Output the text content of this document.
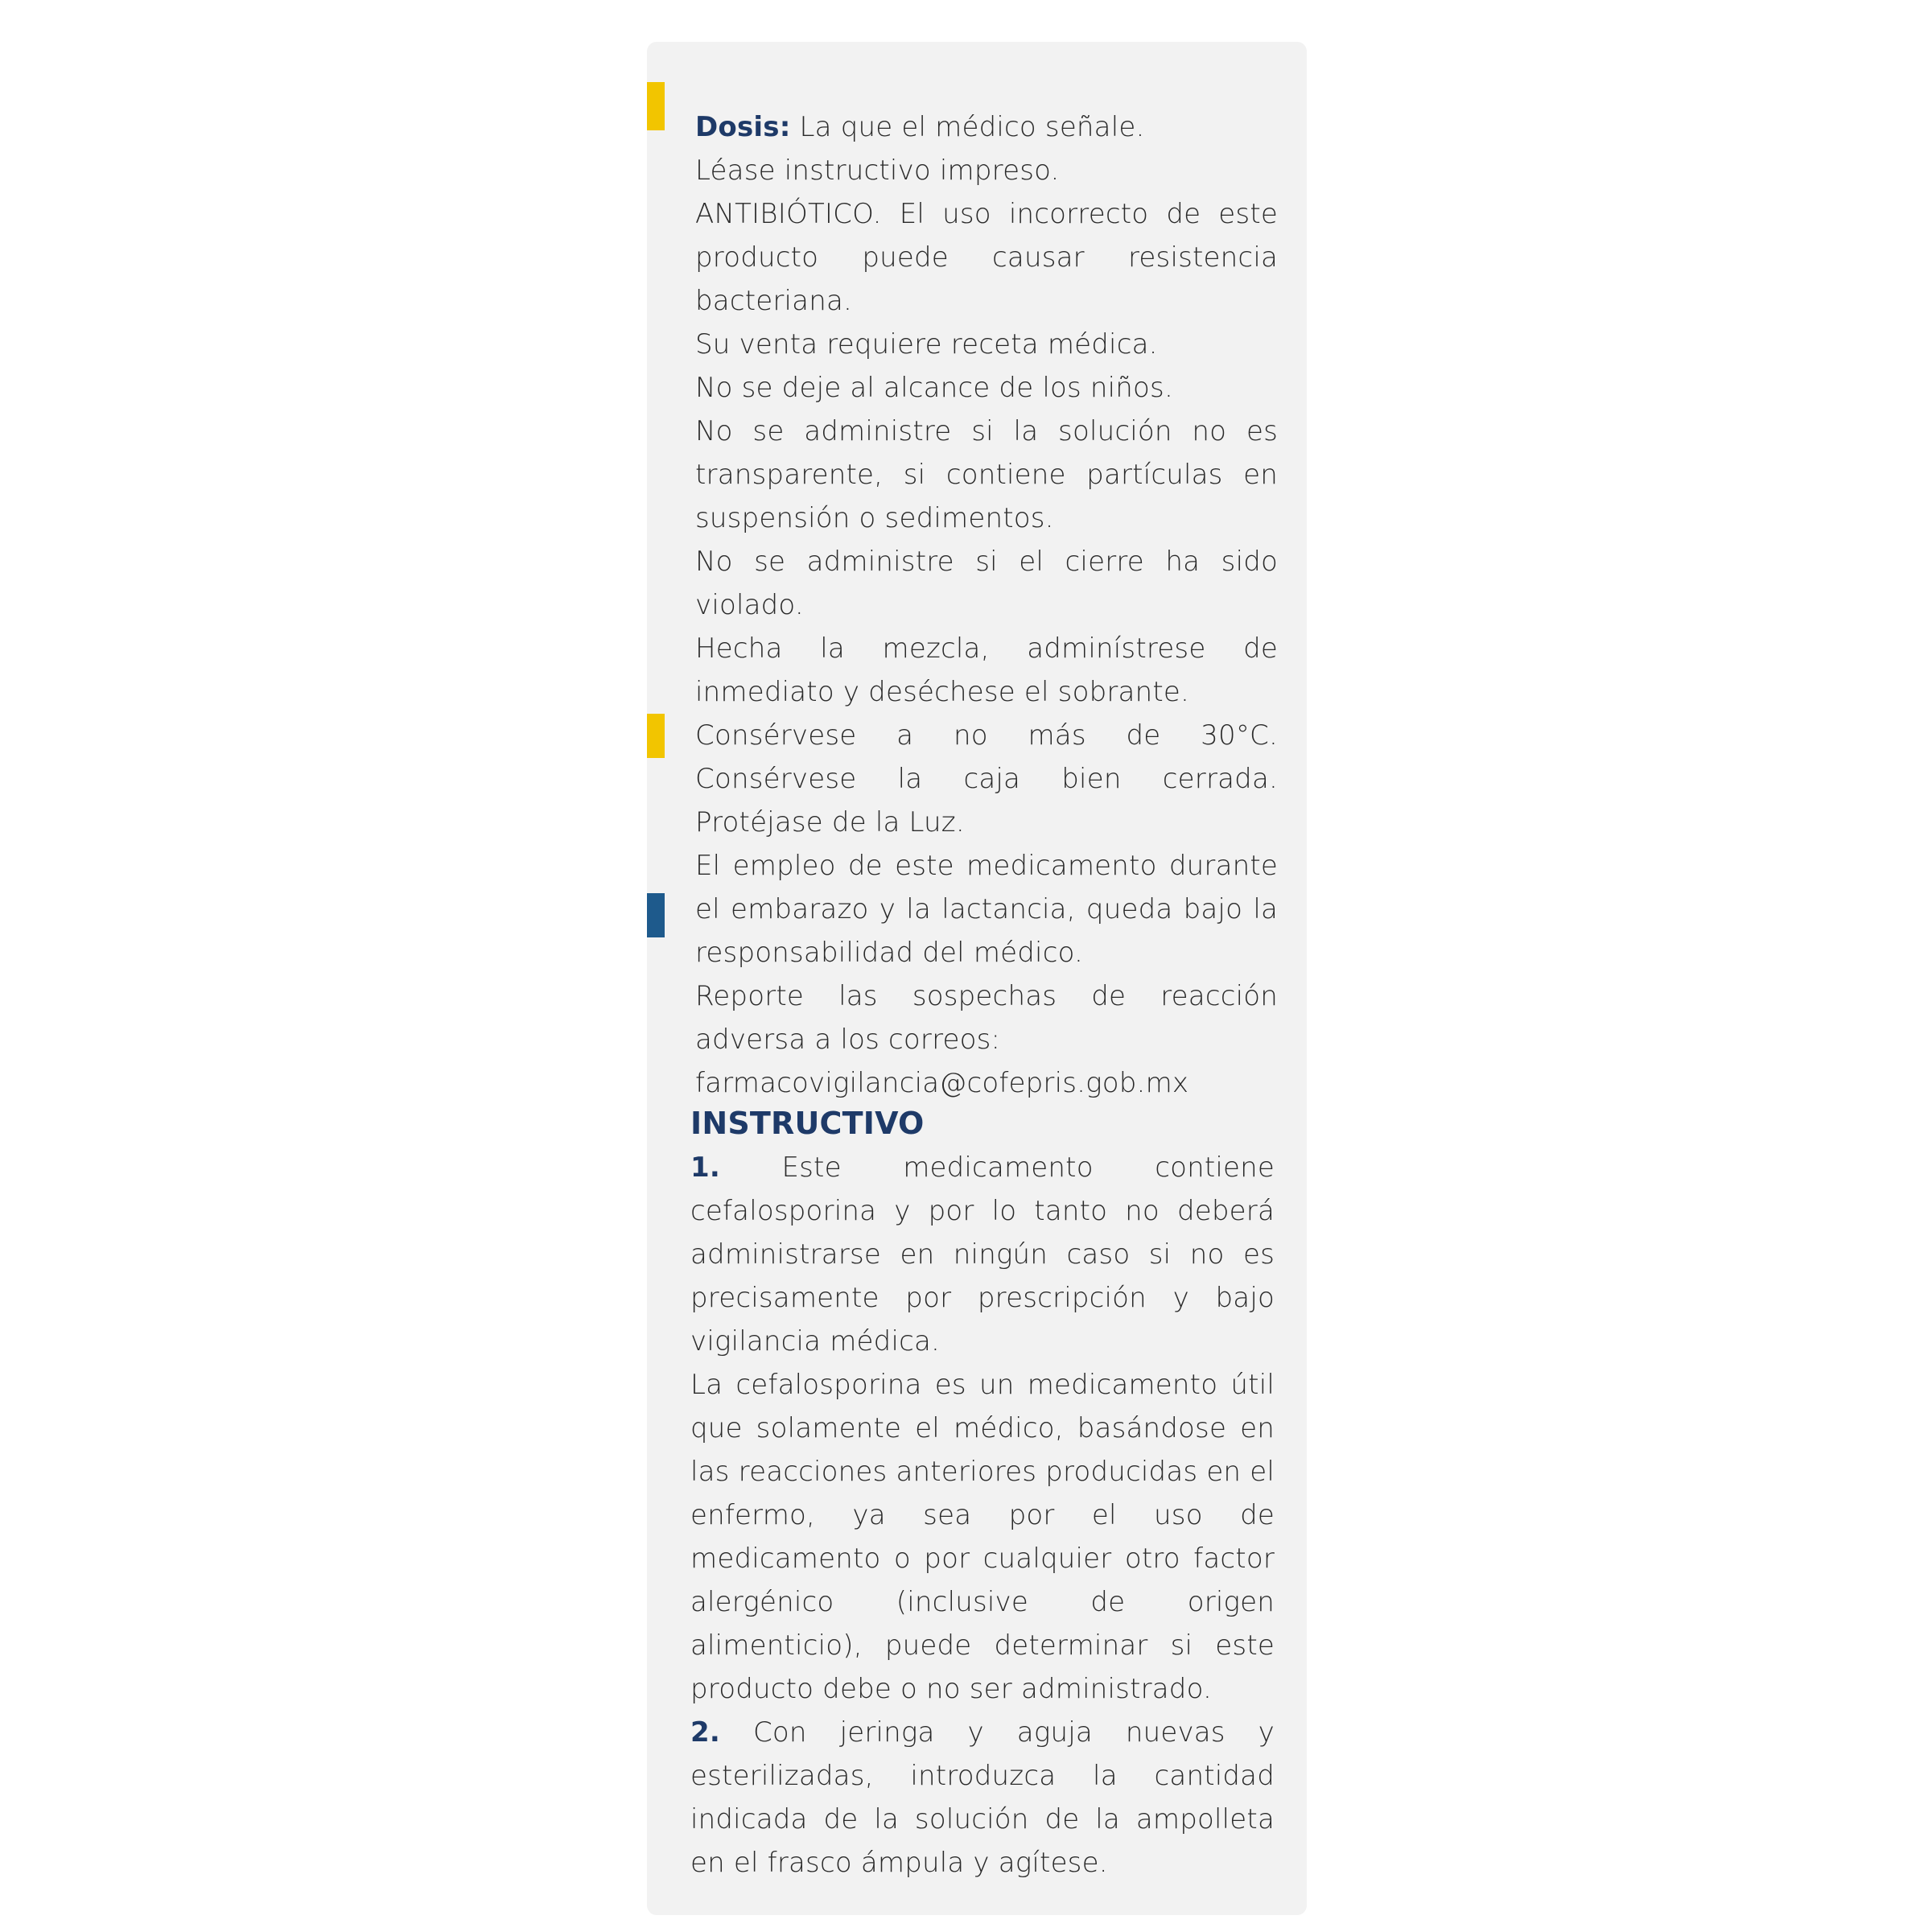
Dosis: La que el médico señale.

Léase instructivo impreso.

ANTIBIÓTICO. El uso incorrecto de este producto puede causar resistencia bacteriana.

Su venta requiere receta médica.

No se deje al alcance de los niños.

No se administre si la solución no es transparente, si contiene partículas en suspensión o sedimentos.

No se administre si el cierre ha sido violado.

Hecha la mezcla, adminístrese de inmediato y deséchese el sobrante.

Consérvese a no más de 30°C. Consérvese la caja bien cerrada. Protéjase de la Luz.

El empleo de este medicamento durante el embarazo y la lactancia, queda bajo la responsabilidad del médico.

Reporte las sospechas de reacción adversa a los correos:

farmacovigilancia@cofepris.gob.mx

INSTRUCTIVO

1. Este medicamento contiene cefalosporina y por lo tanto no deberá administrarse en ningún caso si no es precisamente por prescripción y bajo vigilancia médica.

La cefalosporina es un medicamento útil que solamente el médico, basándose en las reacciones anteriores producidas en el enfermo, ya sea por el uso de medicamento o por cualquier otro factor alergénico (inclusive de origen alimenticio), puede determinar si este producto debe o no ser administrado.

2. Con jeringa y aguja nuevas y esterilizadas, introduzca la cantidad indicada de la solución de la ampolleta en el frasco ámpula y agítese.
